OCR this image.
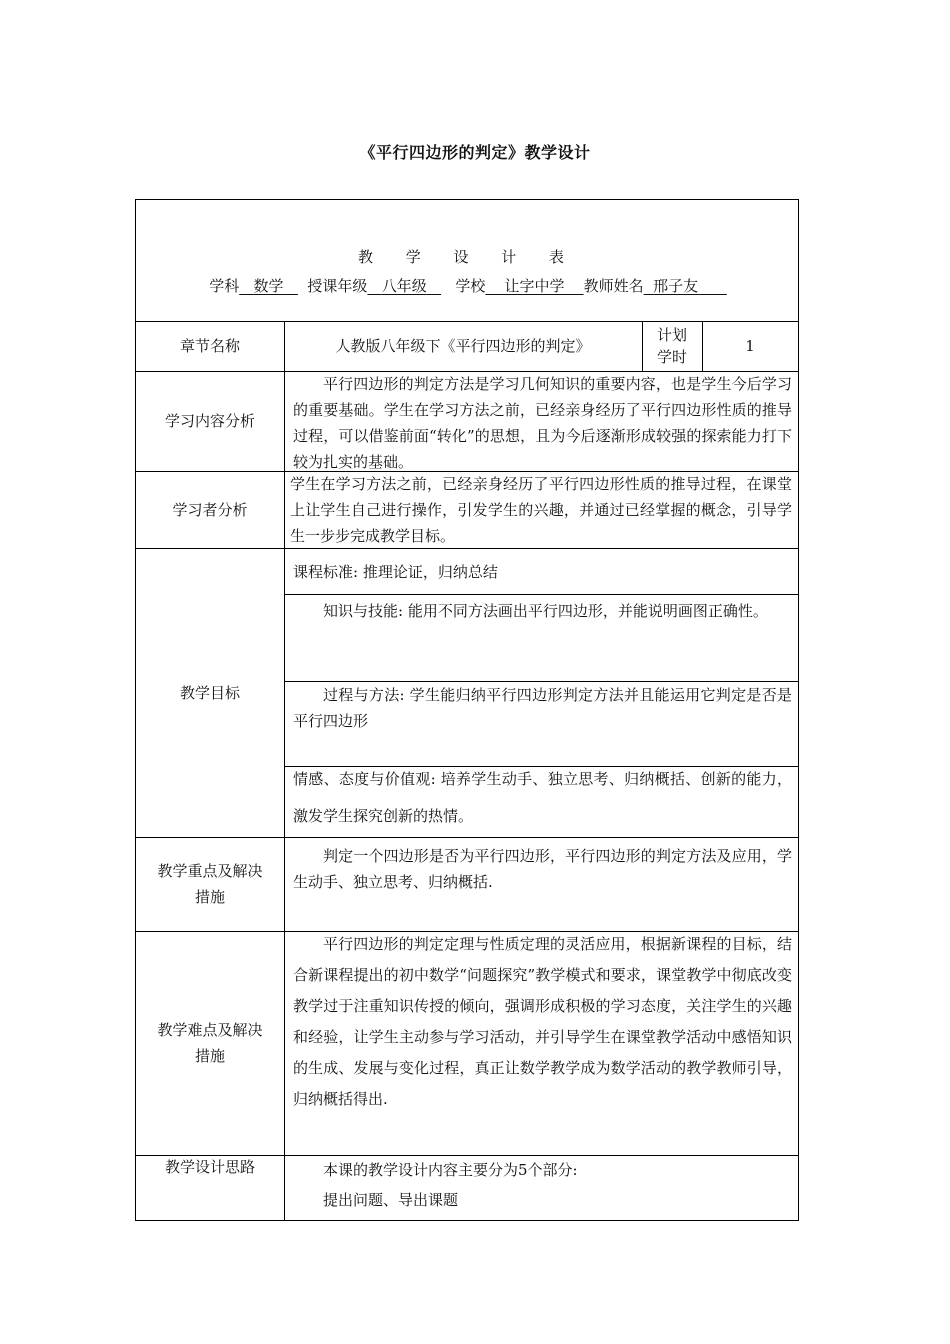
《平行四边形的判定》教学设计
教 学 设 计 表
学科 数学 授课年级 八年级 学校 让字中学 教师姓名 邢子友
章节名称	人教版八年级下《平行四边形的判定》
计划
学时
1
学习内容分析
平行四边形的判定方法是学习几何知识的重要内容，也是学生今后学习的重要基础。学生在学习方法之前，已经亲身经历了平行四边形性质的推导过程，可以借鉴前面“转化”的思想，且为今后逐渐形成较强的探索能力打下较为扎实的基础。
学习者分析
学生在学习方法之前，已经亲身经历了平行四边形性质的推导过程，在课堂上让学生自己进行操作，引发学生的兴趣，并通过已经掌握的概念，引导学生一步步完成教学目标。
教学目标
课程标准: 推理论证，归纳总结
知识与技能: 能用不同方法画出平行四边形，并能说明画图正确性。
过程与方法: 学生能归纳平行四边形判定方法并且能运用它判定是否是平行四边形
情感、态度与价值观: 培养学生动手、独立思考、归纳概括、创新的能力，激发学生探究创新的热情。
教学重点及解决
措施
判定一个四边形是否为平行四边形，平行四边形的判定方法及应用，学生动手、独立思考、归纳概括.
教学难点及解决
措施
平行四边形的判定定理与性质定理的灵活应用，根据新课程的目标，结合新课程提出的初中数学“问题探究”教学模式和要求，课堂教学中彻底改变教学过于注重知识传授的倾向，强调形成积极的学习态度，关注学生的兴趣和经验，让学生主动参与学习活动，并引导学生在课堂教学活动中感悟知识的生成、发展与变化过程，真正让数学教学成为数学活动的教学教师引导，归纳概括得出.
教学设计思路	本课的教学设计内容主要分为5个部分:
提出问题、导出课题
